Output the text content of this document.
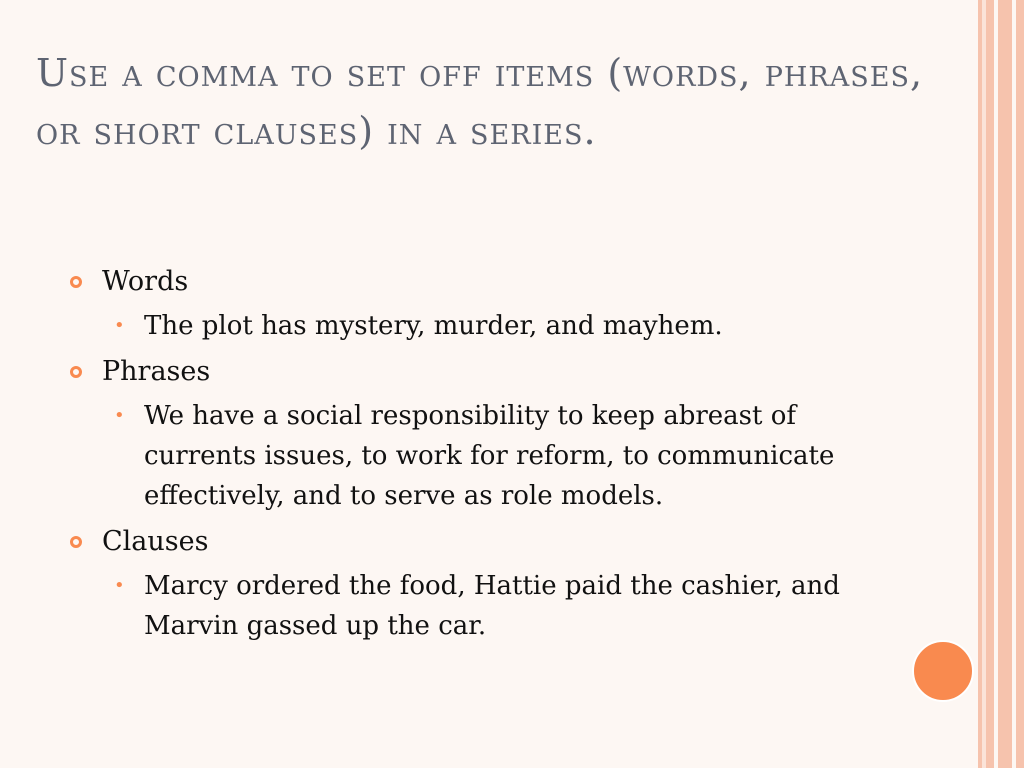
Use a comma to set off items (words, phrases, or short clauses) in a series.
Words
• The plot has mystery, murder, and mayhem.
Phrases
• We have a social responsibility to keep abreast of currents issues, to work for reform, to communicate effectively, and to serve as role models.
Clauses
• Marcy ordered the food, Hattie paid the cashier, and Marvin gassed up the car.
